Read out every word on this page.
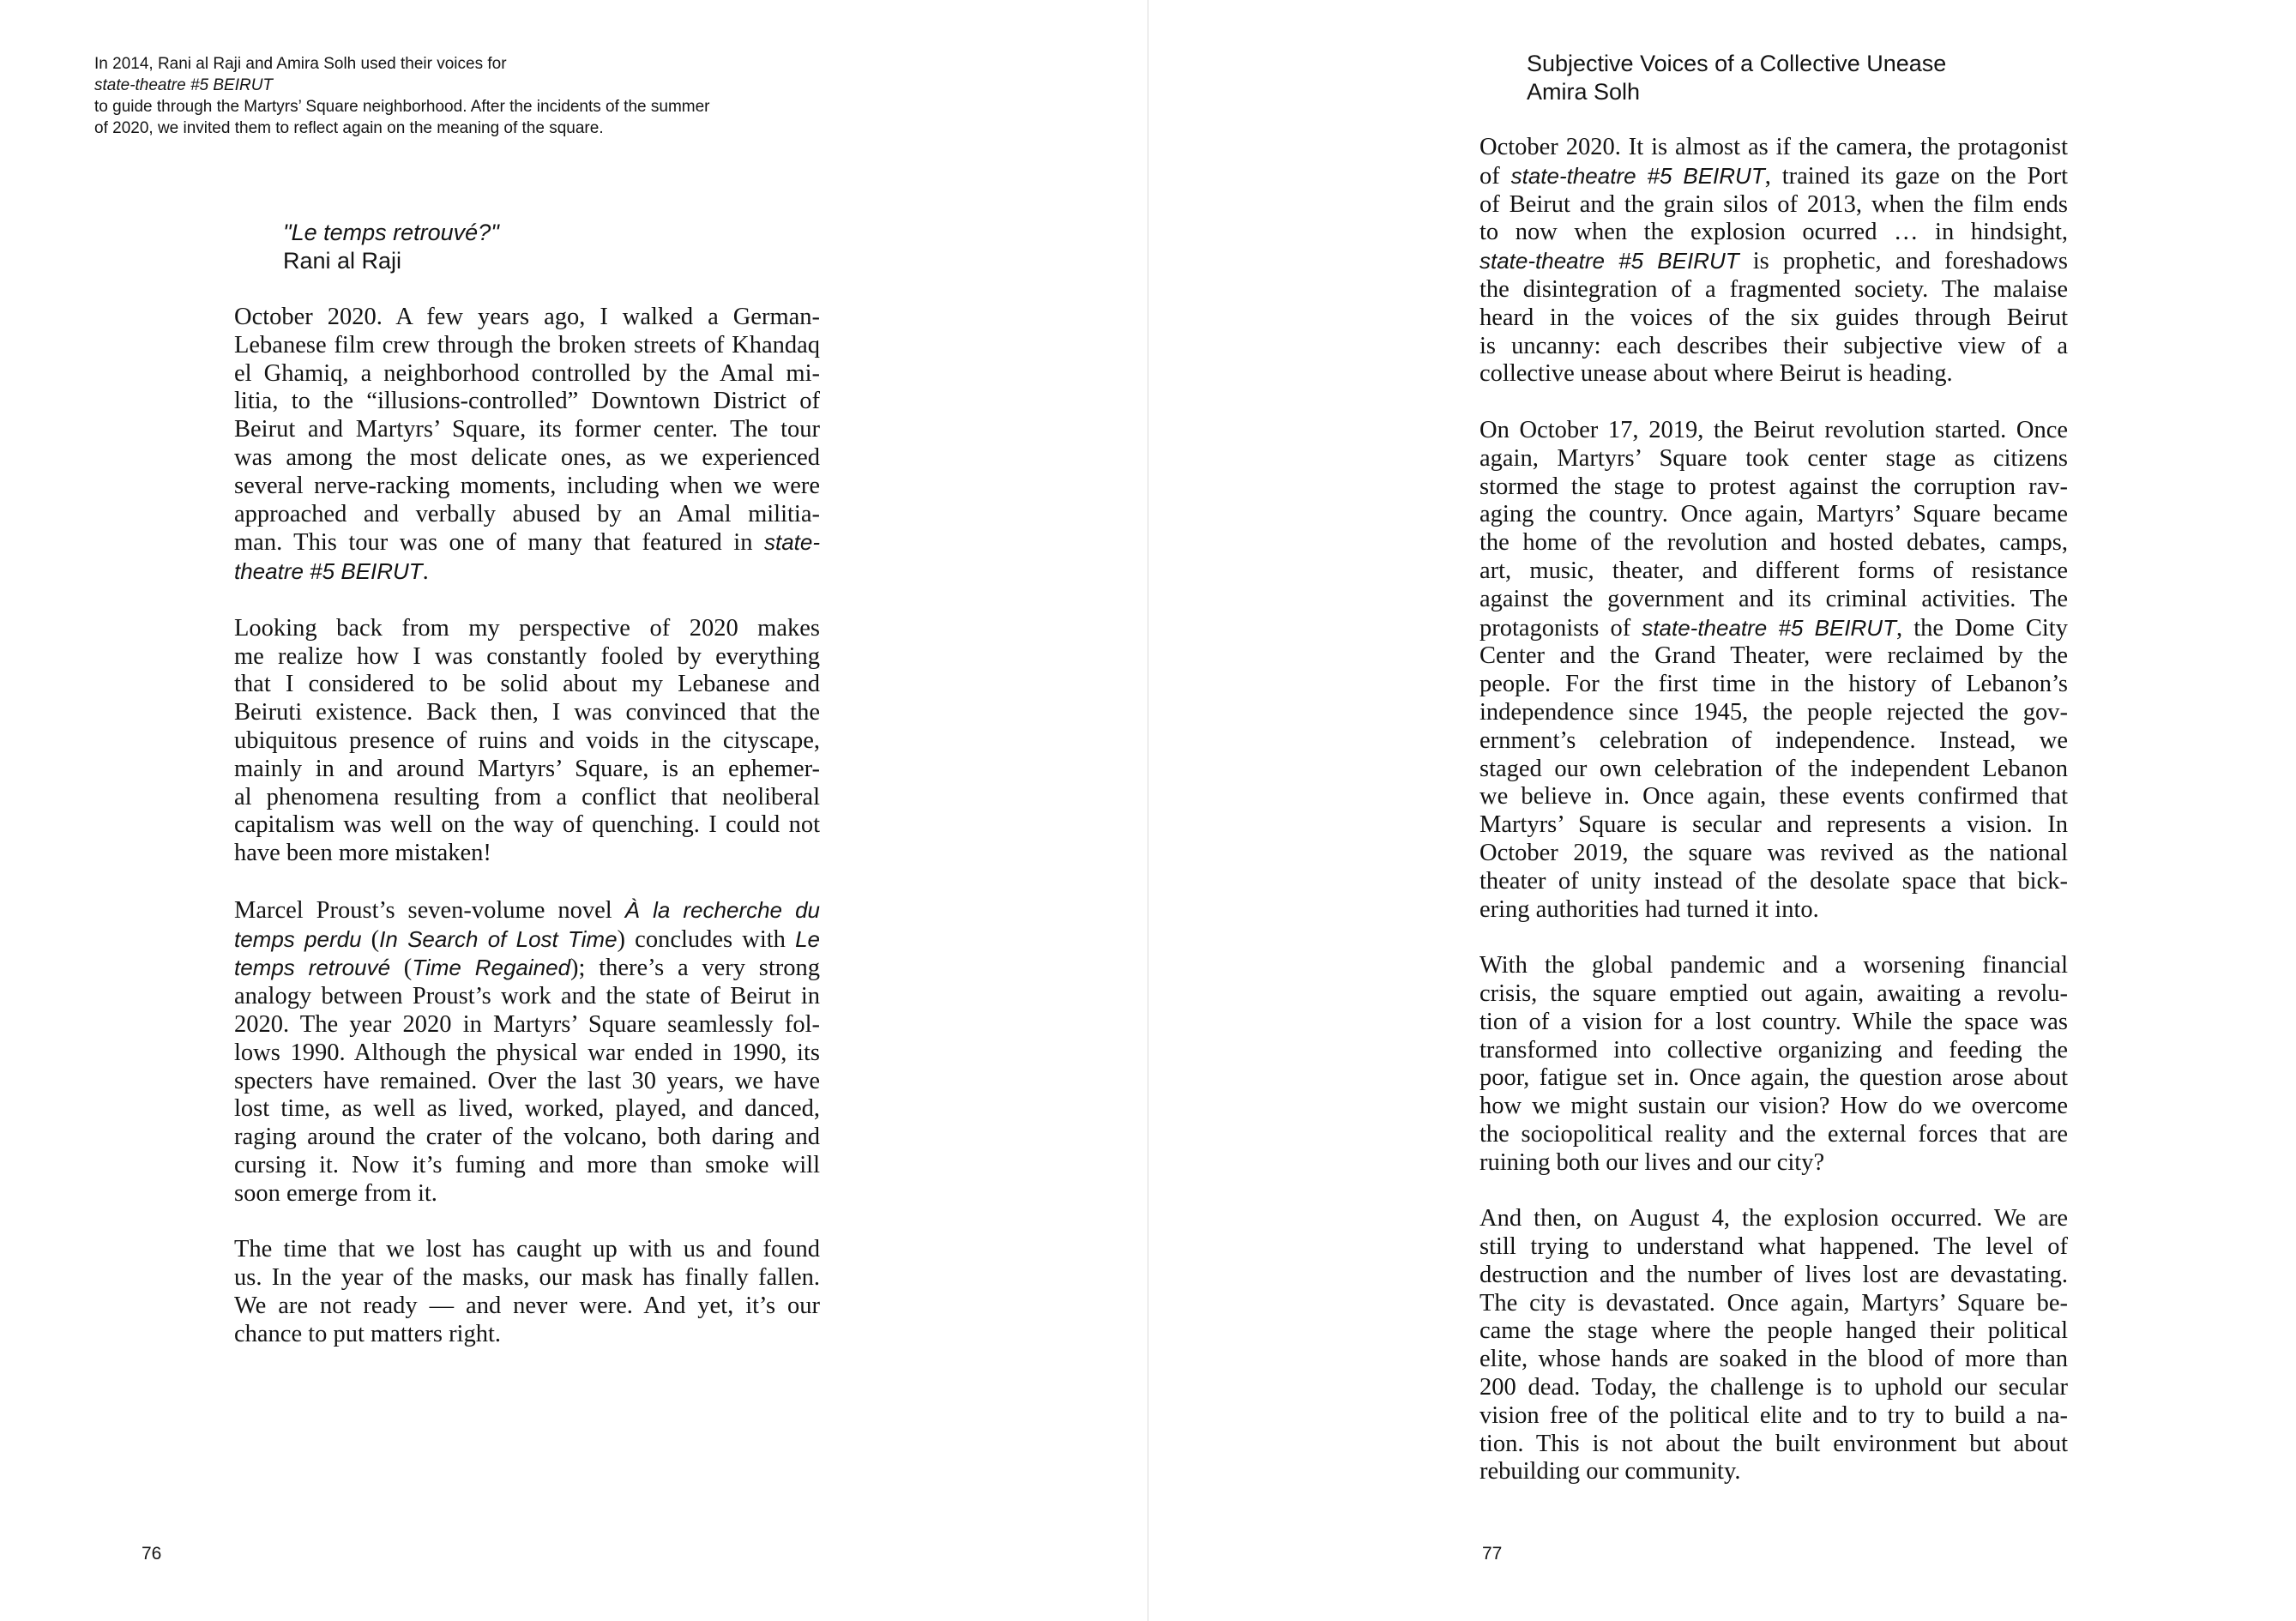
In 2014, Rani al Raji and Amira Solh used their voices for
state-theatre #5 BEIRUT
to guide through the Martyrs’ Square neighborhood. After the incidents of the summer
of 2020, we invited them to reflect again on the meaning of the square.
"Le temps retrouvé?"
Rani al Raji

October 2020. A few years ago, I walked a German-
Lebanese film crew through the broken streets of Khandaq
el Ghamiq, a neighborhood controlled by the Amal mi-
litia, to the “illusions-controlled” Downtown District of
Beirut and Martyrs’ Square, its former center. The tour
was among the most delicate ones, as we experienced
several nerve-racking moments, including when we were
approached and verbally abused by an Amal militia-
man. This tour was one of many that featured in state-
theatre #5 BEIRUT.

Looking back from my perspective of 2020 makes
me realize how I was constantly fooled by everything
that I considered to be solid about my Lebanese and
Beiruti existence. Back then, I was convinced that the
ubiquitous presence of ruins and voids in the cityscape,
mainly in and around Martyrs’ Square, is an ephemer-
al phenomena resulting from a conflict that neoliberal
capitalism was well on the way of quenching. I could not
have been more mistaken!

Marcel Proust’s seven-volume novel À la recherche du
temps perdu (In Search of Lost Time) concludes with Le
temps retrouvé (Time Regained); there’s a very strong
analogy between Proust’s work and the state of Beirut in
2020. The year 2020 in Martyrs’ Square seamlessly fol-
lows 1990. Although the physical war ended in 1990, its
specters have remained. Over the last 30 years, we have
lost time, as well as lived, worked, played, and danced,
raging around the crater of the volcano, both daring and
cursing it. Now it’s fuming and more than smoke will
soon emerge from it.

The time that we lost has caught up with us and found
us. In the year of the masks, our mask has finally fallen.
We are not ready — and never were. And yet, it’s our
chance to put matters right.

76
Subjective Voices of a Collective Unease
Amira Solh

October 2020. It is almost as if the camera, the protagonist
of state-theatre #5 BEIRUT, trained its gaze on the Port
of Beirut and the grain silos of 2013, when the film ends
to now when the explosion ocurred … in hindsight,
state-theatre #5 BEIRUT is prophetic, and foreshadows
the disintegration of a fragmented society. The malaise
heard in the voices of the six guides through Beirut
is uncanny: each describes their subjective view of a
collective unease about where Beirut is heading.

On October 17, 2019, the Beirut revolution started. Once
again, Martyrs’ Square took center stage as citizens
stormed the stage to protest against the corruption rav-
aging the country. Once again, Martyrs’ Square became
the home of the revolution and hosted debates, camps,
art, music, theater, and different forms of resistance
against the government and its criminal activities. The
protagonists of state-theatre #5 BEIRUT, the Dome City
Center and the Grand Theater, were reclaimed by the
people. For the first time in the history of Lebanon’s
independence since 1945, the people rejected the gov-
ernment’s celebration of independence. Instead, we
staged our own celebration of the independent Lebanon
we believe in. Once again, these events confirmed that
Martyrs’ Square is secular and represents a vision. In
October 2019, the square was revived as the national
theater of unity instead of the desolate space that bick-
ering authorities had turned it into.

With the global pandemic and a worsening financial
crisis, the square emptied out again, awaiting a revolu-
tion of a vision for a lost country. While the space was
transformed into collective organizing and feeding the
poor, fatigue set in. Once again, the question arose about
how we might sustain our vision? How do we overcome
the sociopolitical reality and the external forces that are
ruining both our lives and our city?

And then, on August 4, the explosion occurred. We are
still trying to understand what happened. The level of
destruction and the number of lives lost are devastating.
The city is devastated. Once again, Martyrs’ Square be-
came the stage where the people hanged their political
elite, whose hands are soaked in the blood of more than
200 dead. Today, the challenge is to uphold our secular
vision free of the political elite and to try to build a na-
tion. This is not about the built environment but about
rebuilding our community.

77
